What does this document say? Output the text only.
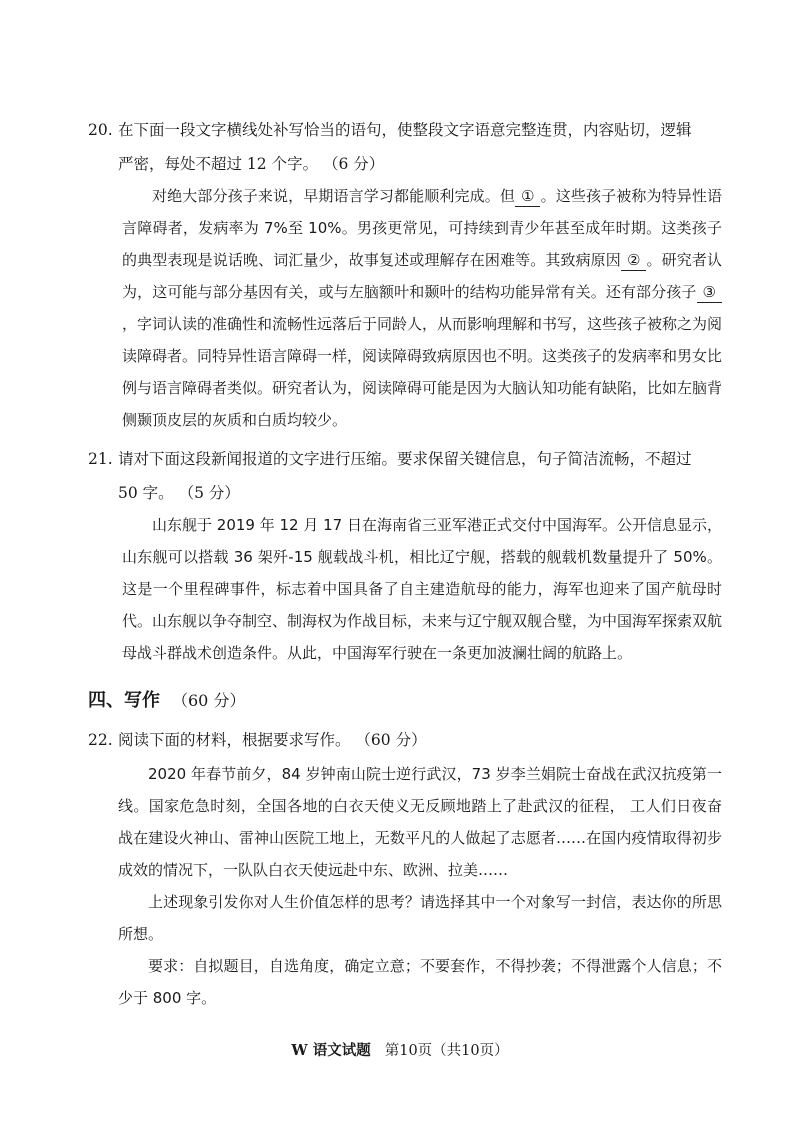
20. 在下面一段文字横线处补写恰当的语句，使整段文字语意完整连贯，内容贴切，逻辑
严密，每处不超过 12 个字。 （6 分）
对绝大部分孩子来说，早期语言学习都能顺利完成。但 ① 。这些孩子被称为特异性语言障碍者，发病率为 7%至 10%。男孩更常见，可持续到青少年甚至成年时期。这类孩子的典型表现是说话晚、词汇量少，故事复述或理解存在困难等。其致病原因 ② 。研究者认为，这可能与部分基因有关，或与左脑额叶和颞叶的结构功能异常有关。还有部分孩子 ③，字词认读的准确性和流畅性远落后于同龄人，从而影响理解和书写，这些孩子被称之为阅读障碍者。同特异性语言障碍一样，阅读障碍致病原因也不明。这类孩子的发病率和男女比例与语言障碍者类似。研究者认为，阅读障碍可能是因为大脑认知功能有缺陷，比如左脑背侧颞顶皮层的灰质和白质均较少。
21. 请对下面这段新闻报道的文字进行压缩。要求保留关键信息，句子简洁流畅，不超过
50 字。 （5 分）
山东舰于 2019 年 12 月 17 日在海南省三亚军港正式交付中国海军。公开信息显示，山东舰可以搭载 36 架歼-15 舰载战斗机，相比辽宁舰，搭载的舰载机数量提升了 50%。这是一个里程碑事件，标志着中国具备了自主建造航母的能力，海军也迎来了国产航母时代。山东舰以争夺制空、制海权为作战目标，未来与辽宁舰双舰合璧，为中国海军探索双航母战斗群战术创造条件。从此，中国海军行驶在一条更加波澜壮阔的航路上。
四、写作 （60 分）
22. 阅读下面的材料，根据要求写作。 （60 分）

2020 年春节前夕，84 岁钟南山院士逆行武汉，73 岁李兰娟院士奋战在武汉抗疫第一线。国家危急时刻，全国各地的白衣天使义无反顾地踏上了赴武汉的征程， 工人们日夜奋战在建设火神山、雷神山医院工地上，无数平凡的人做起了志愿者……在国内疫情取得初步成效的情况下，一队队白衣天使远赴中东、欧洲、拉美……

上述现象引发你对人生价值怎样的思考？请选择其中一个对象写一封信，表达你的所思所想。

要求：自拟题目，自选角度，确定立意；不要套作，不得抄袭；不得泄露个人信息；不少于 800 字。

W 语文试题 第10页（共10页）
